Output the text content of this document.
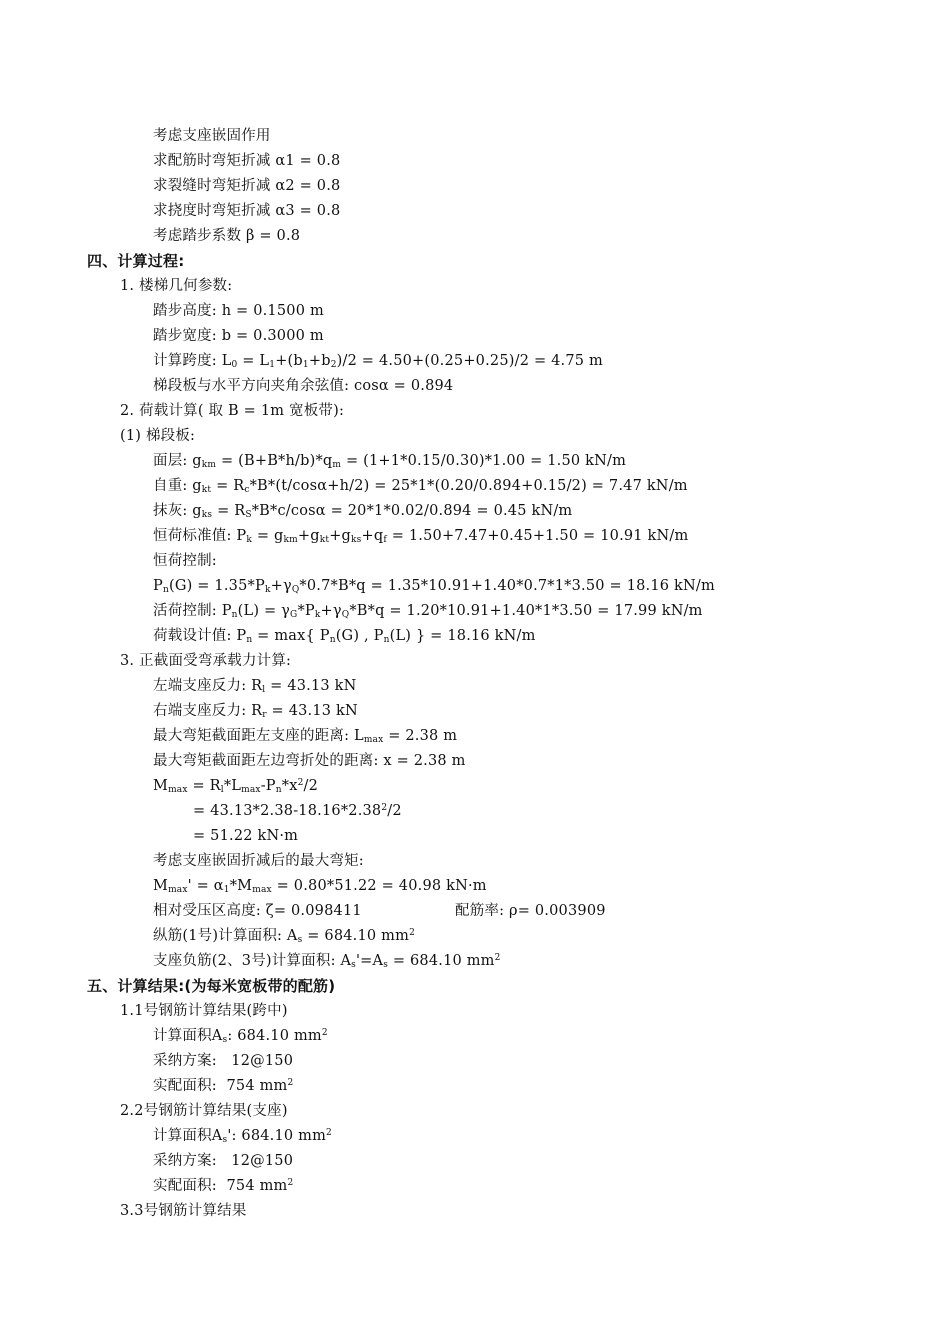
考虑支座嵌固作用
求配筋时弯矩折减 α1 = 0.8
求裂缝时弯矩折减 α2 = 0.8
求挠度时弯矩折减 α3 = 0.8
考虑踏步系数 β = 0.8
四、计算过程:
1. 楼梯几何参数:
踏步高度: h = 0.1500 m
踏步宽度: b = 0.3000 m
计算跨度: $L_0 = L_1+(b_1+b_2)/2 = 4.50+(0.25+0.25)/2 = 4.75$ m
梯段板与水平方向夹角余弦值: cosα = 0.894
2. 荷载计算( 取 B = 1m 宽板带):
(1) 梯段板:
面层: $g_{km} = (B+B*h/b)*q_m = (1+1*0.15/0.30)*1.00 = 1.50$ kN/m
自重: $g_{kt} = R_c*B*(t/\cos\alpha+h/2) = 25*1*(0.20/0.894+0.15/2) = 7.47$ kN/m
抹灰: $g_{ks} = R_S*B*c/\cos\alpha = 20*1*0.02/0.894 = 0.45$ kN/m
恒荷标准值: $P_k = g_{km}+g_{kt}+g_{ks}+q_f = 1.50+7.47+0.45+1.50 = 10.91$ kN/m
恒荷控制:
$P_n(G) = 1.35*P_k+\gamma_Q*0.7*B*q = 1.35*10.91+1.40*0.7*1*3.50 = 18.16$ kN/m
活荷控制: $P_n(L) = \gamma_G*P_k+\gamma_Q*B*q = 1.20*10.91+1.40*1*3.50 = 17.99$ kN/m
荷载设计值: $P_n = \max${ $P_n(G)$ , $P_n(L)$ } = 18.16 kN/m
3. 正截面受弯承载力计算:
左端支座反力: $R_l = 43.13$ kN
右端支座反力: $R_r = 43.13$ kN
最大弯矩截面距左支座的距离: $L_{max} = 2.38$ m
最大弯矩截面距左边弯折处的距离: x = 2.38 m
$M_{max} = R_l*L_{max}-P_n*x^2/2$
= $43.13*2.38-18.16*2.38^2/2$
= 51.22 kN·m
考虑支座嵌固折减后的最大弯矩:
$M_{max}' = \alpha_1*M_{max} = 0.80*51.22 = 40.98$ kN·m
相对受压区高度: ζ= 0.098411	配筋率: ρ= 0.003909
纵筋(1号)计算面积: $A_s = 684.10$ $mm^2$
支座负筋(2、3号)计算面积: $A_s'=A_s = 684.10$ $mm^2$
五、计算结果:(为每米宽板带的配筋)
1.1号钢筋计算结果(跨中)
计算面积$A_s$: 684.10 $mm^2$
采纳方案:   12@150
实配面积:  754 $mm^2$
2.2号钢筋计算结果(支座)
计算面积$A_s'$: 684.10 $mm^2$
采纳方案:   12@150
实配面积:  754 $mm^2$
3.3号钢筋计算结果
